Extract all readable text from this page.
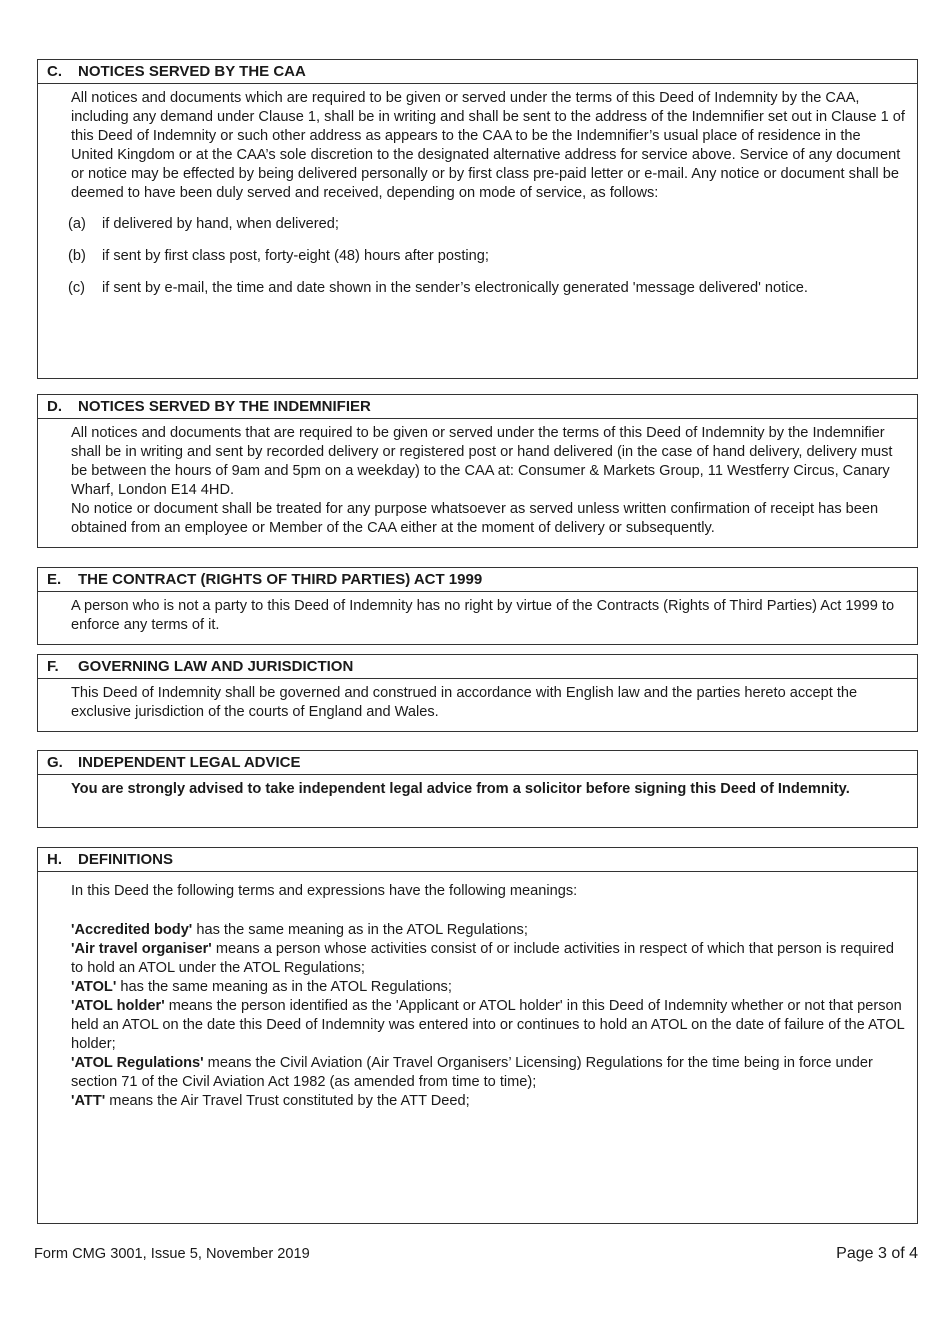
C. NOTICES SERVED BY THE CAA

All notices and documents which are required to be given or served under the terms of this Deed of Indemnity by the CAA, including any demand under Clause 1, shall be in writing and shall be sent to the address of the Indemnifier set out in Clause 1 of this Deed of Indemnity or such other address as appears to the CAA to be the Indemnifier’s usual place of residence in the United Kingdom or at the CAA’s sole discretion to the designated alternative address for service above. Service of any document or notice may be effected by being delivered personally or by first class pre-paid letter or e-mail. Any notice or document shall be deemed to have been duly served and received, depending on mode of service, as follows:

(a) if delivered by hand, when delivered;
(b) if sent by first class post, forty-eight (48) hours after posting;
(c) if sent by e-mail, the time and date shown in the sender’s electronically generated 'message delivered' notice.
D. NOTICES SERVED BY THE INDEMNIFIER

All notices and documents that are required to be given or served under the terms of this Deed of Indemnity by the Indemnifier shall be in writing and sent by recorded delivery or registered post or hand delivered (in the case of hand delivery, delivery must be between the hours of 9am and 5pm on a weekday) to the CAA at: Consumer & Markets Group, 11 Westferry Circus, Canary Wharf, London E14 4HD.

No notice or document shall be treated for any purpose whatsoever as served unless written confirmation of receipt has been obtained from an employee or Member of the CAA either at the moment of delivery or subsequently.

E. THE CONTRACT (RIGHTS OF THIRD PARTIES) ACT 1999

A person who is not a party to this Deed of Indemnity has no right by virtue of the Contracts (Rights of Third Parties) Act 1999 to enforce any terms of it.

F. GOVERNING LAW AND JURISDICTION

This Deed of Indemnity shall be governed and construed in accordance with English law and the parties hereto accept the exclusive jurisdiction of the courts of England and Wales.

G. INDEPENDENT LEGAL ADVICE

You are strongly advised to take independent legal advice from a solicitor before signing this Deed of Indemnity.

H. DEFINITIONS

In this Deed the following terms and expressions have the following meanings:

'Accredited body' has the same meaning as in the ATOL Regulations;

'Air travel organiser' means a person whose activities consist of or include activities in respect of which that person is required to hold an ATOL under the ATOL Regulations;

'ATOL' has the same meaning as in the ATOL Regulations;

'ATOL holder' means the person identified as the 'Applicant or ATOL holder' in this Deed of Indemnity whether or not that person held an ATOL on the date this Deed of Indemnity was entered into or continues to hold an ATOL on the date of failure of the ATOL holder;

'ATOL Regulations' means the Civil Aviation (Air Travel Organisers’ Licensing) Regulations for the time being in force under section 71 of the Civil Aviation Act 1982 (as amended from time to time);

'ATT' means the Air Travel Trust constituted by the ATT Deed;

Form CMG 3001, Issue 5, November 2019	Page 3 of 4
